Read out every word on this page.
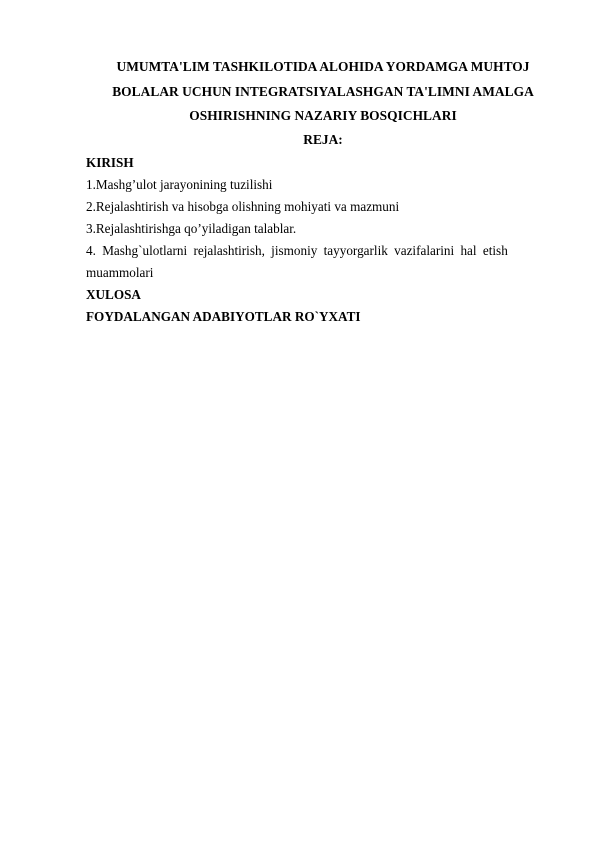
UMUMTA'LIM TASHKILOTIDA ALOHIDA YORDAMGA MUHTOJ
BOLALAR UCHUN INTEGRATSIYALASHGAN TA'LIMNI AMALGA
OSHIRISHNING NAZARIY BOSQICHLARI
REJA:
KIRISH
1.Mashg’ulot jarayonining tuzilishi
2.Rejalashtirish va hisobga olishning mohiyati va mazmuni
3.Rejalashtirishga qo’yiladigan talablar.
4. Mashg`ulotlarni rejalashtirish, jismoniy tayyorgarlik vazifalarini hal etish
muammolari
XULOSA
FOYDALANGAN ADABIYOTLAR RO`YXATI
